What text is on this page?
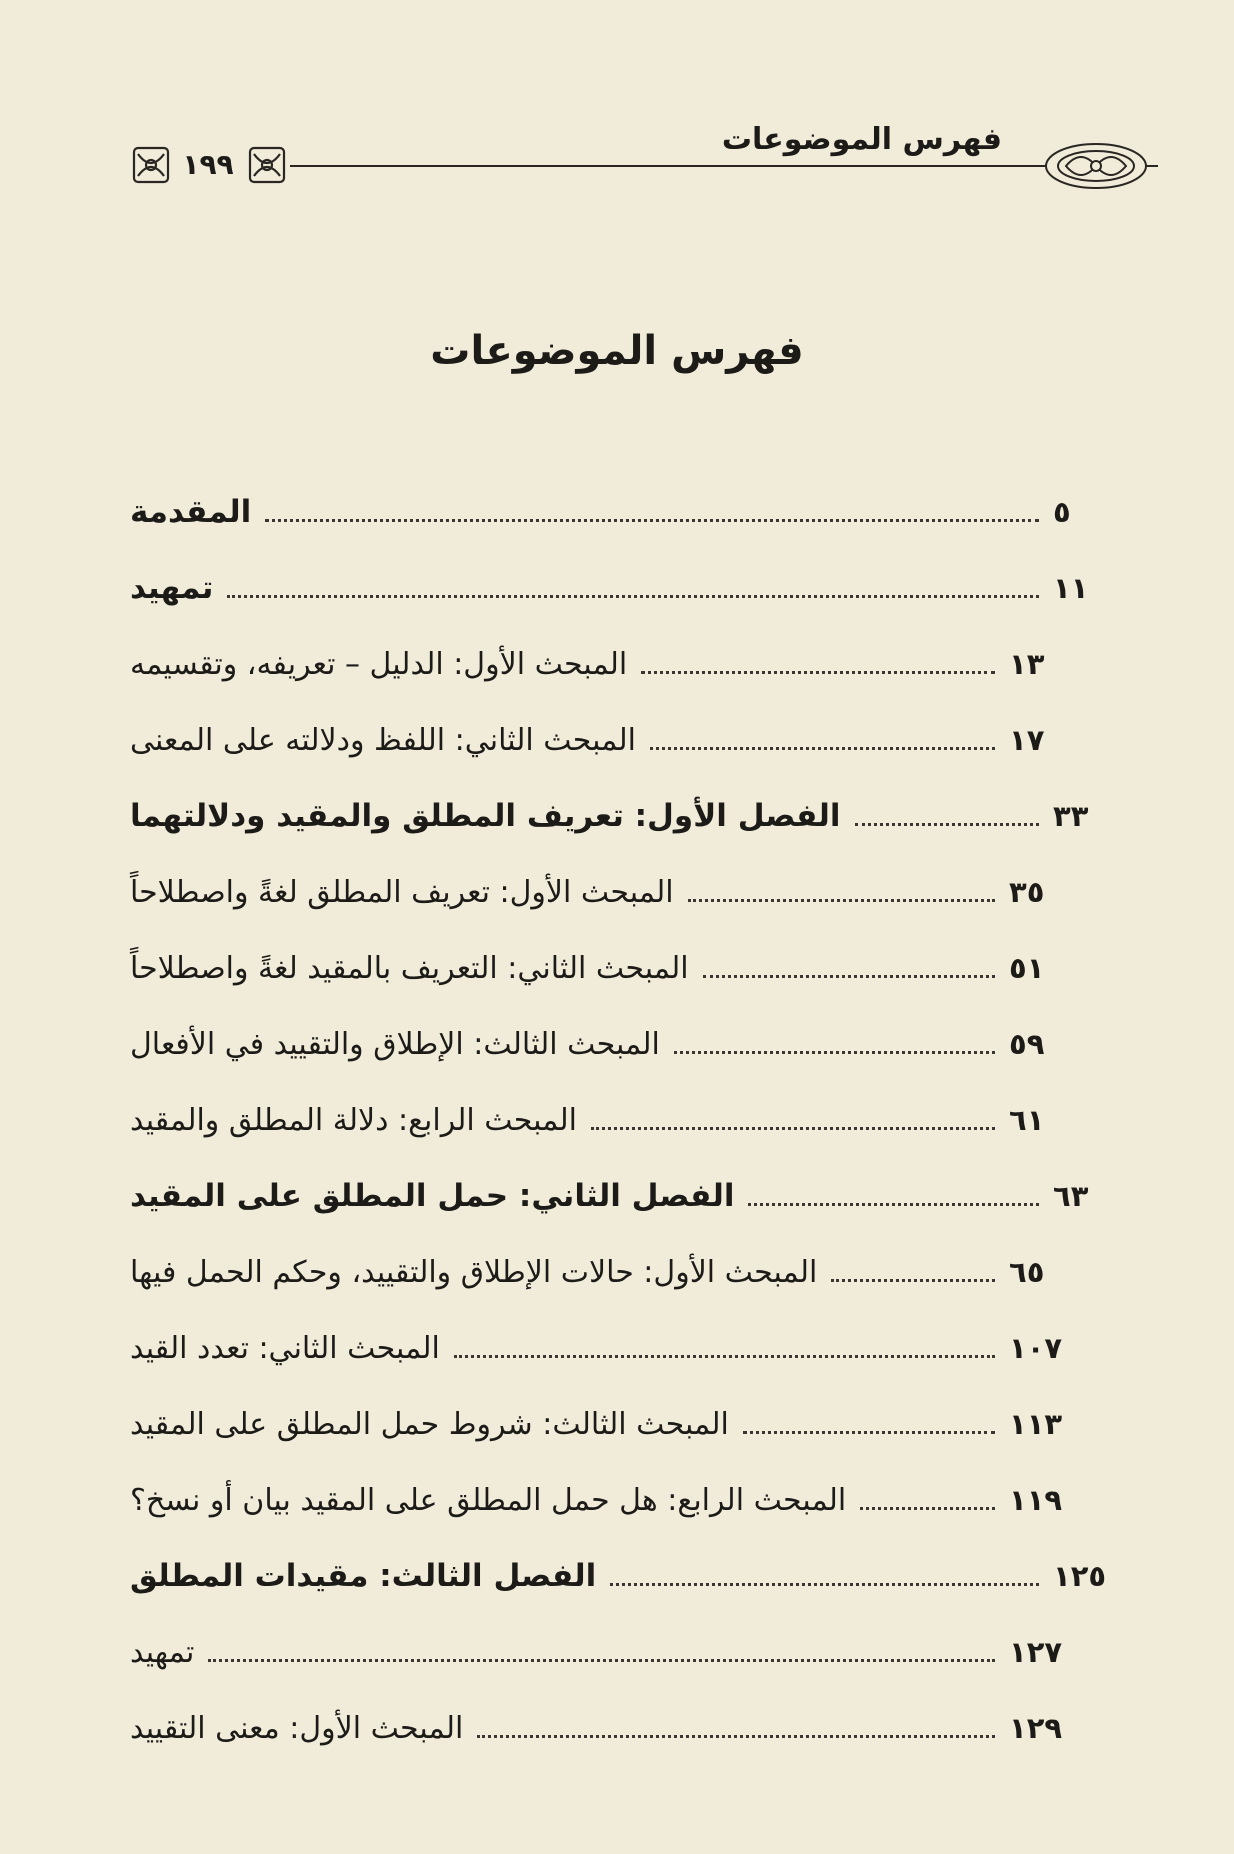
١٩٩
فهرس الموضوعات
فهرس الموضوعات
المقدمة	٥
تمهيد	١١
المبحث الأول: الدليل – تعريفه، وتقسيمه	١٣
المبحث الثاني: اللفظ ودلالته على المعنى	١٧
الفصل الأول: تعريف المطلق والمقيد ودلالتهما	٣٣
المبحث الأول: تعريف المطلق لغةً واصطلاحاً	٣٥
المبحث الثاني: التعريف بالمقيد لغةً واصطلاحاً	٥١
المبحث الثالث: الإطلاق والتقييد في الأفعال	٥٩
المبحث الرابع: دلالة المطلق والمقيد	٦١
الفصل الثاني: حمل المطلق على المقيد	٦٣
المبحث الأول: حالات الإطلاق والتقييد، وحكم الحمل فيها	٦٥
المبحث الثاني: تعدد القيد	١٠٧
المبحث الثالث: شروط حمل المطلق على المقيد	١١٣
المبحث الرابع: هل حمل المطلق على المقيد بيان أو نسخ؟	١١٩
الفصل الثالث: مقيدات المطلق	١٢٥
تمهيد	١٢٧
المبحث الأول: معنى التقييد	١٢٩
